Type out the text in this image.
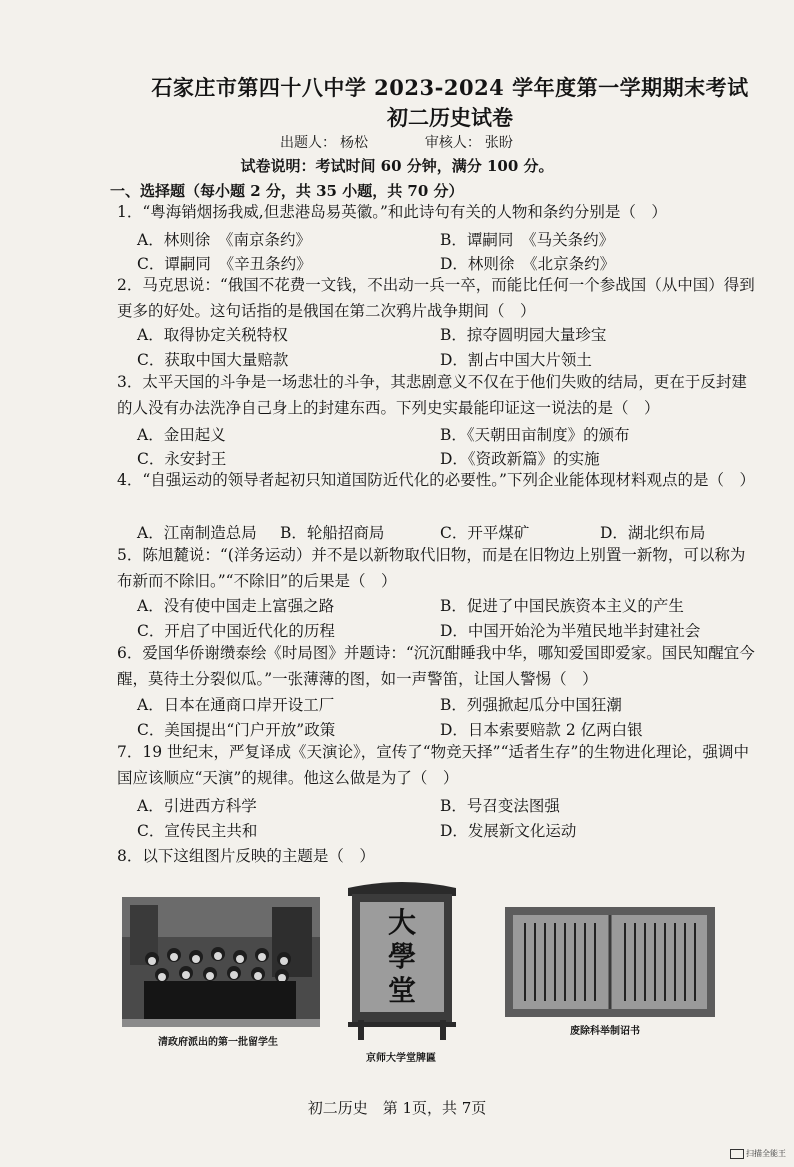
石家庄市第四十八中学 2023-2024 学年度第一学期期末考试
初二历史试卷
出题人： 杨松	审核人： 张盼
试卷说明：考试时间 60 分钟，满分 100 分。
一、选择题（每小题 2 分，共 35 小题，共 70 分）
1．“粤海销烟扬我威,但悲港岛易英徽。”和此诗句有关的人物和条约分别是（　）
A．林则徐　《南京条约》	B．谭嗣同　《马关条约》
C．谭嗣同　《辛丑条约》	D．林则徐　《北京条约》
2．马克思说：“俄国不花费一文钱，不出动一兵一卒，而能比任何一个参战国（从中国）得到更多的好处。这句话指的是俄国在第二次鸦片战争期间（　）
A．取得协定关税特权	B．掠夺圆明园大量珍宝
C．获取中国大量赔款	D．割占中国大片领土
3．太平天国的斗争是一场悲壮的斗争，其悲剧意义不仅在于他们失败的结局，更在于反封建的人没有办法洗净自己身上的封建东西。下列史实最能印证这一说法的是（　）
A．金田起义	B．《天朝田亩制度》的颁布
C．永安封王	D．《资政新篇》的实施
4．“自强运动的领导者起初只知道国防近代化的必要性。”下列企业能体现材料观点的是（　）
A．江南制造总局 B．轮船招商局	C．开平煤矿	D．湖北织布局
5．陈旭麓说：“(洋务运动）并不是以新物取代旧物，而是在旧物边上别置一新物，可以称为布新而不除旧。”“不除旧”的后果是（　）
A．没有使中国走上富强之路	B．促进了中国民族资本主义的产生
C．开启了中国近代化的历程	D．中国开始沦为半殖民地半封建社会
6．爱国华侨谢缵泰绘《时局图》并题诗：“沉沉酣睡我中华，哪知爱国即爱家。国民知醒宜今醒，莫待土分裂似瓜。”一张薄薄的图，如一声警笛，让国人警惕（　）
A．日本在通商口岸开设工厂	B．列强掀起瓜分中国狂潮
C．美国提出“门户开放”政策	D．日本索要赔款 2 亿两白银
7．19 世纪末，严复译成《天演论》，宣传了“物竞天择”“适者生存”的生物进化理论，强调中国应该顺应“天演”的规律。他这么做是为了（　）
A．引进西方科学	B．号召变法图强
C．宣传民主共和	D．发展新文化运动
8．以下这组图片反映的主题是（　）
清政府派出的第一批留学生
大
學
堂
京师大学堂牌匾
废除科举制诏书
初二历史　第 1页，共 7页
扫描全能王
